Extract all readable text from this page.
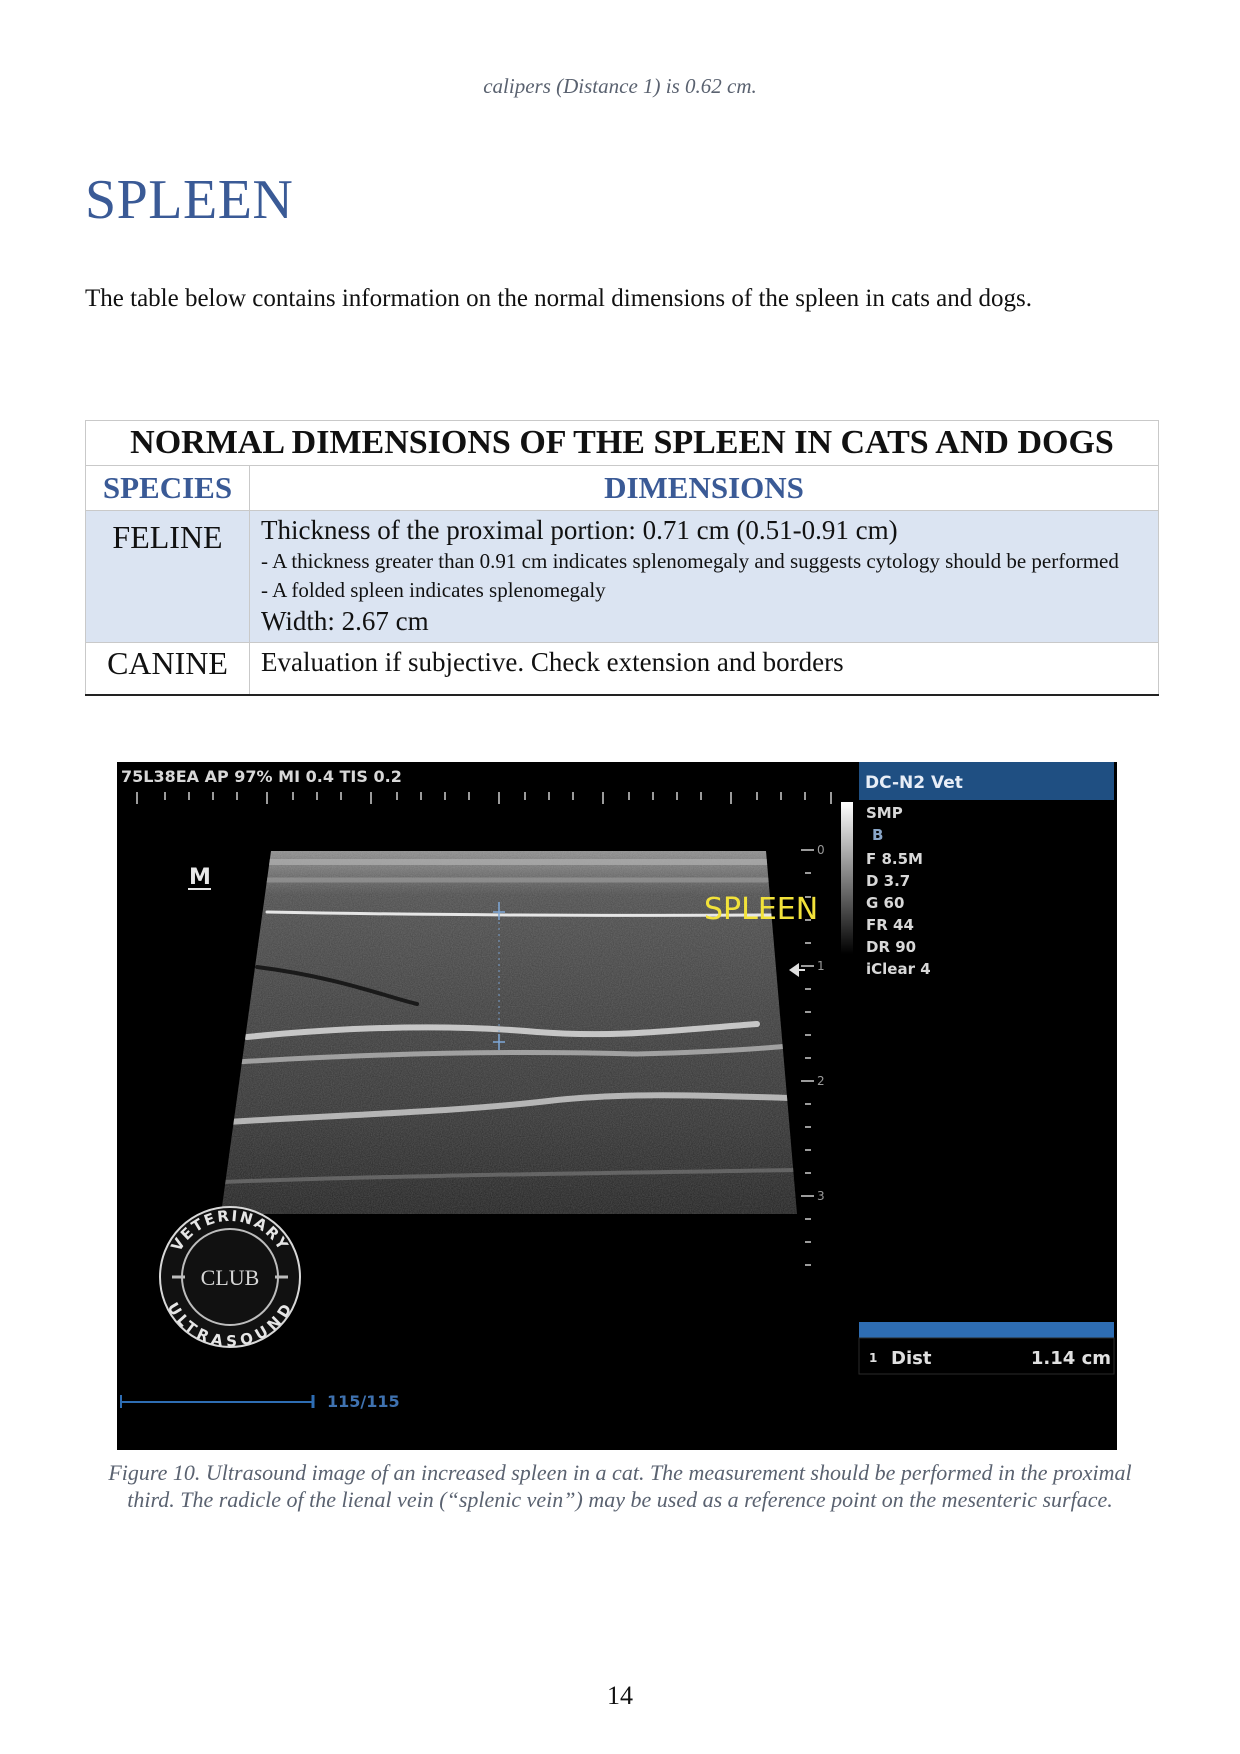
calipers (Distance 1) is 0.62 cm.
SPLEEN

The table below contains information on the normal dimensions of the spleen in cats and dogs.

NORMAL DIMENSIONS OF THE SPLEEN IN CATS AND DOGS	
SPECIES	DIMENSIONS
FELINE	Thickness of the proximal portion: 0.71 cm (0.51-0.91 cm)
- A thickness greater than 0.91 cm indicates splenomegaly and suggests cytology should be performed
- A folded spleen indicates splenomegaly
Width: 2.67 cm

CANINE	Evaluation if subjective. Check extension and borders
75L38EA AP 97% MI 0.4 TIS 0.2
M
SPLEEN
0
1
2
3
DC-N2 Vet
SMP
B
F 8.5M
D 3.7
G 60
FR 44
DR 90
iClear 4
1 Dist	1.14 cm
115/115
VETERINARY
ULTRASOUND
CLUB

Figure 10. Ultrasound image of an increased spleen in a cat. The measurement should be performed in the proximal third. The radicle of the lienal vein (“splenic vein”) may be used as a reference point on the mesenteric surface.

14
